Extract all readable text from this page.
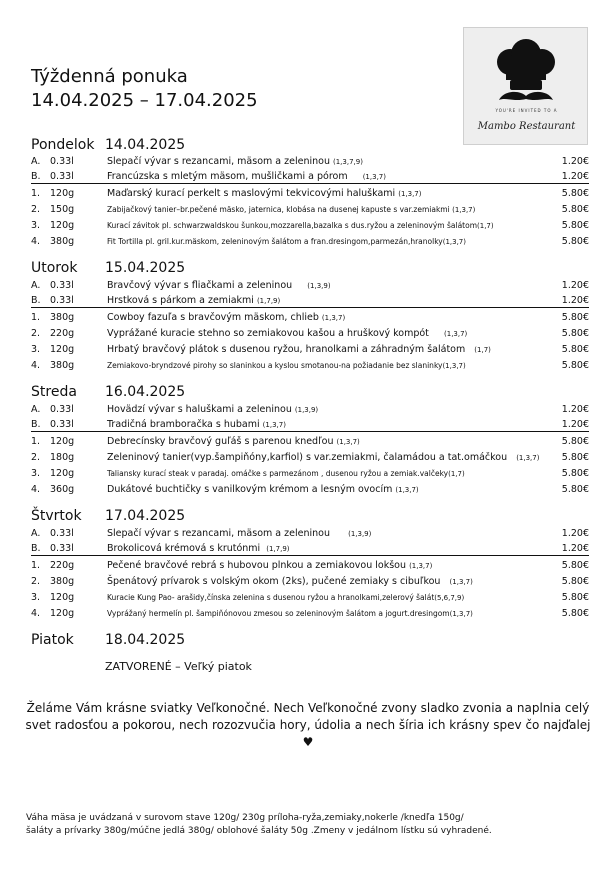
Týždenná ponuka
14.04.2025 – 17.04.2025	YOU'RE INVITED TO A
Mambo Restaurant
Pondelok 14.04.2025
A. 0.33l	Slepačí vývar s rezancami, mäsom a zeleninou (1,3,7,9)	1.20€
B. 0.33l	Francúzska s mletým mäsom, mušličkami a pórom (1,3,7)	1.20€
1. 120g	Maďarský kurací perkelt s maslovými tekvicovými haluškami (1,3,7)	5.80€
2. 150g	Zabijačkový tanier–br.pečené mäsko, jaternica, klobása na dusenej kapuste s var.zemiakmi (1,3,7)	5.80€
3. 120g	Kurací závitok pl. schwarzwaldskou šunkou,mozzarella,bazalka s dus.ryžou a zeleninovým šalátom(1,7)	5.80€
4. 380g	Fit Tortilla pl. gril.kur.mäskom, zeleninovým šalátom a fran.dresingom,parmezán,hranolky(1,3,7)	5.80€
Utorok 15.04.2025
A. 0.33l	Bravčový vývar s fliačkami a zeleninou (1,3,9)	1.20€
B. 0.33l	Hrstková s párkom a zemiakmi (1,7,9)	1.20€
1. 380g	Cowboy fazuľa s bravčovým mäskom, chlieb (1,3,7)	5.80€
2. 220g	Vyprážané kuracie stehno so zemiakovou kašou a hruškový kompót (1,3,7)	5.80€
3. 120g	Hrbatý bravčový plátok s dusenou ryžou, hranolkami a záhradným šalátom (1,7)	5.80€
4. 380g	Zemiakovo-bryndzové pirohy so slaninkou a kyslou smotanou-na požiadanie bez slaninky(1,3,7)	5.80€
Streda 16.04.2025
A. 0.33l	Hovädzí vývar s haluškami a zeleninou (1,3,9)	1.20€
B. 0.33l	Tradičná bramboračka s hubami (1,3,7)	1.20€
1. 120g	Debrecínsky bravčový guľáš s parenou knedľou (1,3,7)	5.80€
2. 180g	Zeleninový tanier(vyp.šampiňóny,karfiol) s var.zemiakmi, čalamádou a tat.omáčkou (1,3,7) 5.80€
3. 120g	Taliansky kurací steak v paradaj. omáčke s parmezánom , dusenou ryžou a zemiak.valčeky(1,7)	5.80€
4. 360g	Dukátové buchtičky s vanilkovým krémom a lesným ovocím (1,3,7)	5.80€
Štvrtok 17.04.2025
A. 0.33l	Slepačí vývar s rezancami, mäsom a zeleninou	(1,3,9)	1.20€
B. 0.33l	Brokolicová krémová s krutónmi (1,7,9)	1.20€
1. 220g	Pečené bravčové rebrá s hubovou plnkou a zemiakovou lokšou (1,3,7)	5.80€
2. 380g	Špenátový prívarok s volským okom (2ks), pučené zemiaky s cibuľkou (1,3,7)	5.80€
3. 120g	Kuracie Kung Pao- arašidy,čínska zelenina s dusenou ryžou a hranolkami,zelerový šalát(5,6,7,9)	5.80€
4. 120g	Vyprážaný hermelín pl. šampiňónovou zmesou so zeleninovým šalátom a jogurt.dresingom(1,3,7)	5.80€
Piatok 18.04.2025
ZATVORENÉ – Veľký piatok
Želáme Vám krásne sviatky Veľkonočné. Nech Veľkonočné zvony sladko zvonia a naplnia celý svet radosťou a pokorou, nech rozozvučia hory, údolia a nech šíria ich krásny spev čo najďalej ♥
Váha mäsa je uvádzaná v surovom stave 120g/ 230g príloha-ryža,zemiaky,nokerle /knedľa 150g/
šaláty a prívarky 380g/múčne jedlá 380g/ oblohové šaláty 50g .Zmeny v jedálnom lístku sú vyhradené.
